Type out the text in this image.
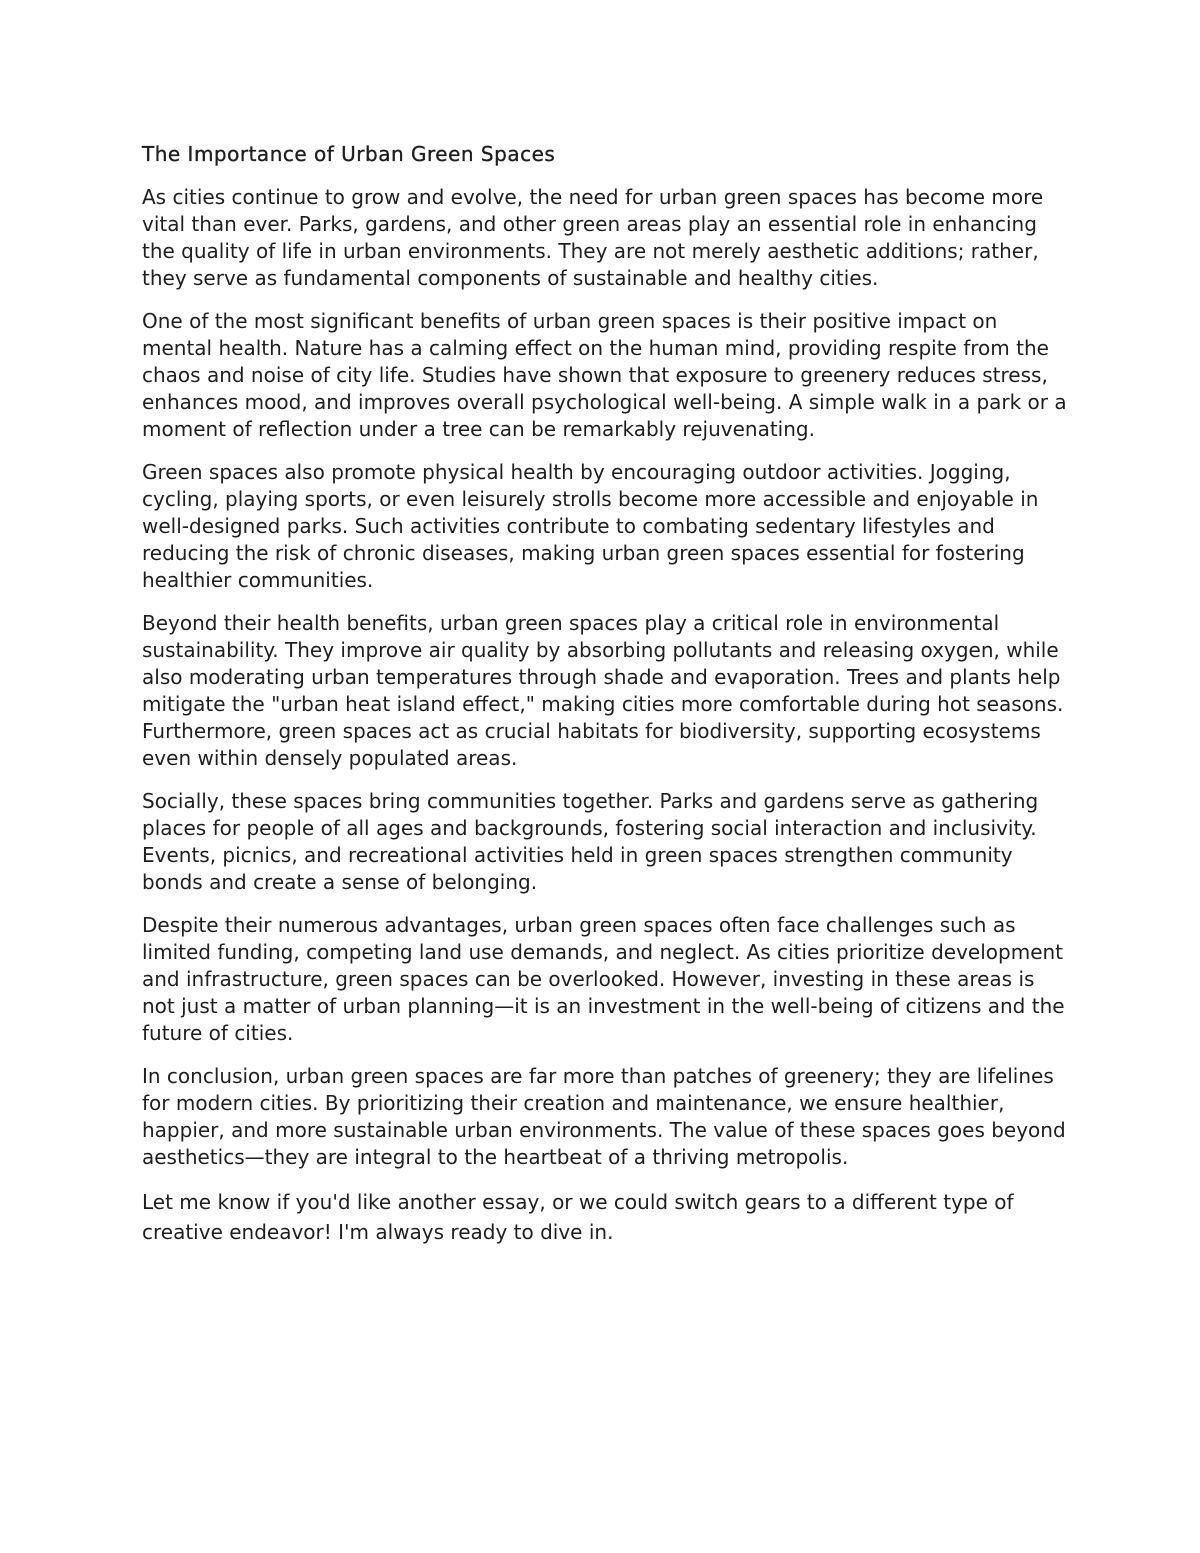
The Importance of Urban Green Spaces

As cities continue to grow and evolve, the need for urban green spaces has become more vital than ever. Parks, gardens, and other green areas play an essential role in enhancing the quality of life in urban environments. They are not merely aesthetic additions; rather, they serve as fundamental components of sustainable and healthy cities.

One of the most significant benefits of urban green spaces is their positive impact on mental health. Nature has a calming effect on the human mind, providing respite from the chaos and noise of city life. Studies have shown that exposure to greenery reduces stress, enhances mood, and improves overall psychological well-being. A simple walk in a park or a moment of reflection under a tree can be remarkably rejuvenating.

Green spaces also promote physical health by encouraging outdoor activities. Jogging, cycling, playing sports, or even leisurely strolls become more accessible and enjoyable in well-designed parks. Such activities contribute to combating sedentary lifestyles and reducing the risk of chronic diseases, making urban green spaces essential for fostering healthier communities.

Beyond their health benefits, urban green spaces play a critical role in environmental sustainability. They improve air quality by absorbing pollutants and releasing oxygen, while also moderating urban temperatures through shade and evaporation. Trees and plants help mitigate the "urban heat island effect," making cities more comfortable during hot seasons. Furthermore, green spaces act as crucial habitats for biodiversity, supporting ecosystems even within densely populated areas.

Socially, these spaces bring communities together. Parks and gardens serve as gathering places for people of all ages and backgrounds, fostering social interaction and inclusivity. Events, picnics, and recreational activities held in green spaces strengthen community bonds and create a sense of belonging.

Despite their numerous advantages, urban green spaces often face challenges such as limited funding, competing land use demands, and neglect. As cities prioritize development and infrastructure, green spaces can be overlooked. However, investing in these areas is not just a matter of urban planning—it is an investment in the well-being of citizens and the future of cities.

In conclusion, urban green spaces are far more than patches of greenery; they are lifelines for modern cities. By prioritizing their creation and maintenance, we ensure healthier, happier, and more sustainable urban environments. The value of these spaces goes beyond aesthetics—they are integral to the heartbeat of a thriving metropolis.

Let me know if you'd like another essay, or we could switch gears to a different type of creative endeavor! I'm always ready to dive in.
